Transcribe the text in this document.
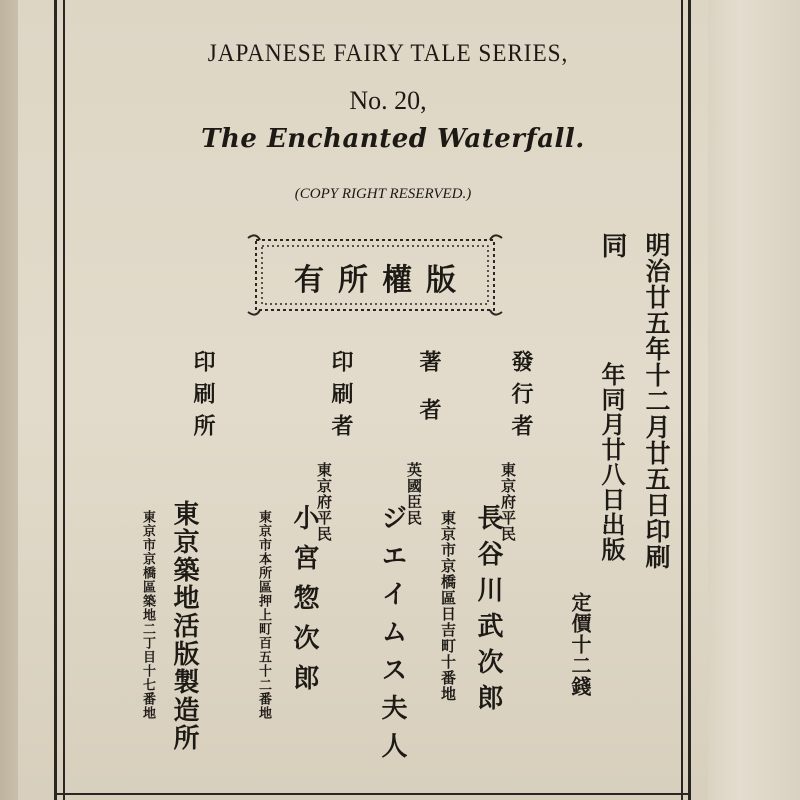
JAPANESE FAIRY TALE SERIES,
No. 20,
The Enchanted Waterfall.
(COPY RIGHT RESERVED.)
有所權版	明治廿五年十二月廿五日印刷
同
年同月廿八日出版
定價十二錢
發行者
東京府平民
長谷川武次郎
東京市京橋區日吉町十番地
著者
英國臣民
ジエイムス夫人
印刷者
東京府平民
小宮惣次郎
東京市本所區押上町百五十二番地
印刷所
東京築地活版製造所
東京市京橋區築地二丁目十七番地
